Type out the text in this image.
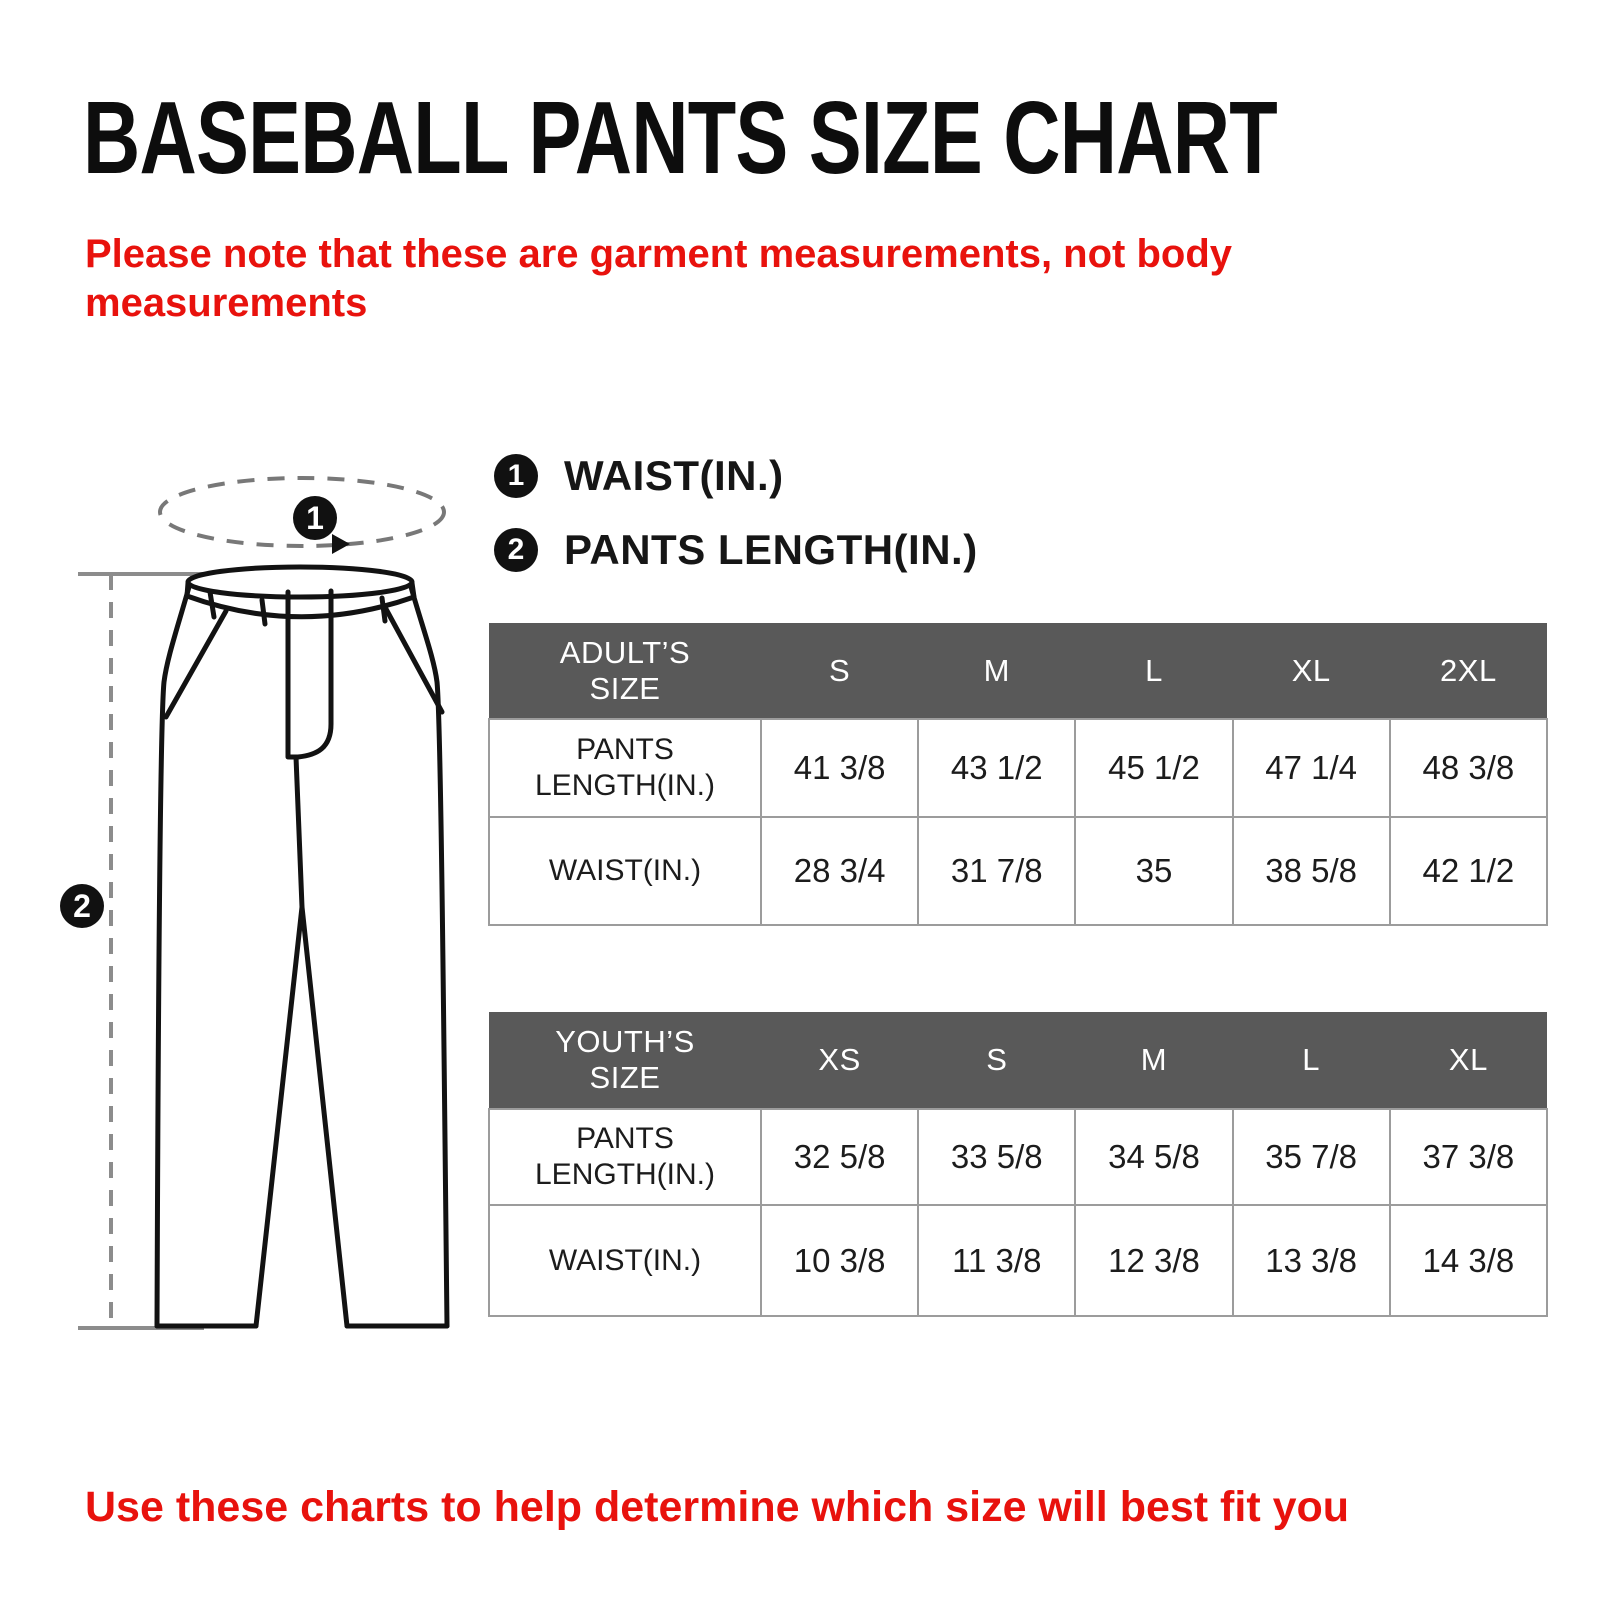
BASEBALL PANTS SIZE CHART
Please note that these are garment measurements, not body measurements
1
2
1 WAIST(IN.)
2 PANTS LENGTH(IN.)
ADULT’S SIZE	S	M	L	XL	2XL
PANTS LENGTH(IN.)	41 3/8	43 1/2	45 1/2	47 1/4	48 3/8
WAIST(IN.)	28 3/4	31 7/8	35	38 5/8	42 1/2
YOUTH’S SIZE	XS	S	M	L	XL
PANTS LENGTH(IN.)	32 5/8	33 5/8	34 5/8	35 7/8	37 3/8
WAIST(IN.)	10 3/8	11 3/8	12 3/8	13 3/8	14 3/8
Use these charts to help determine which size will best fit you
